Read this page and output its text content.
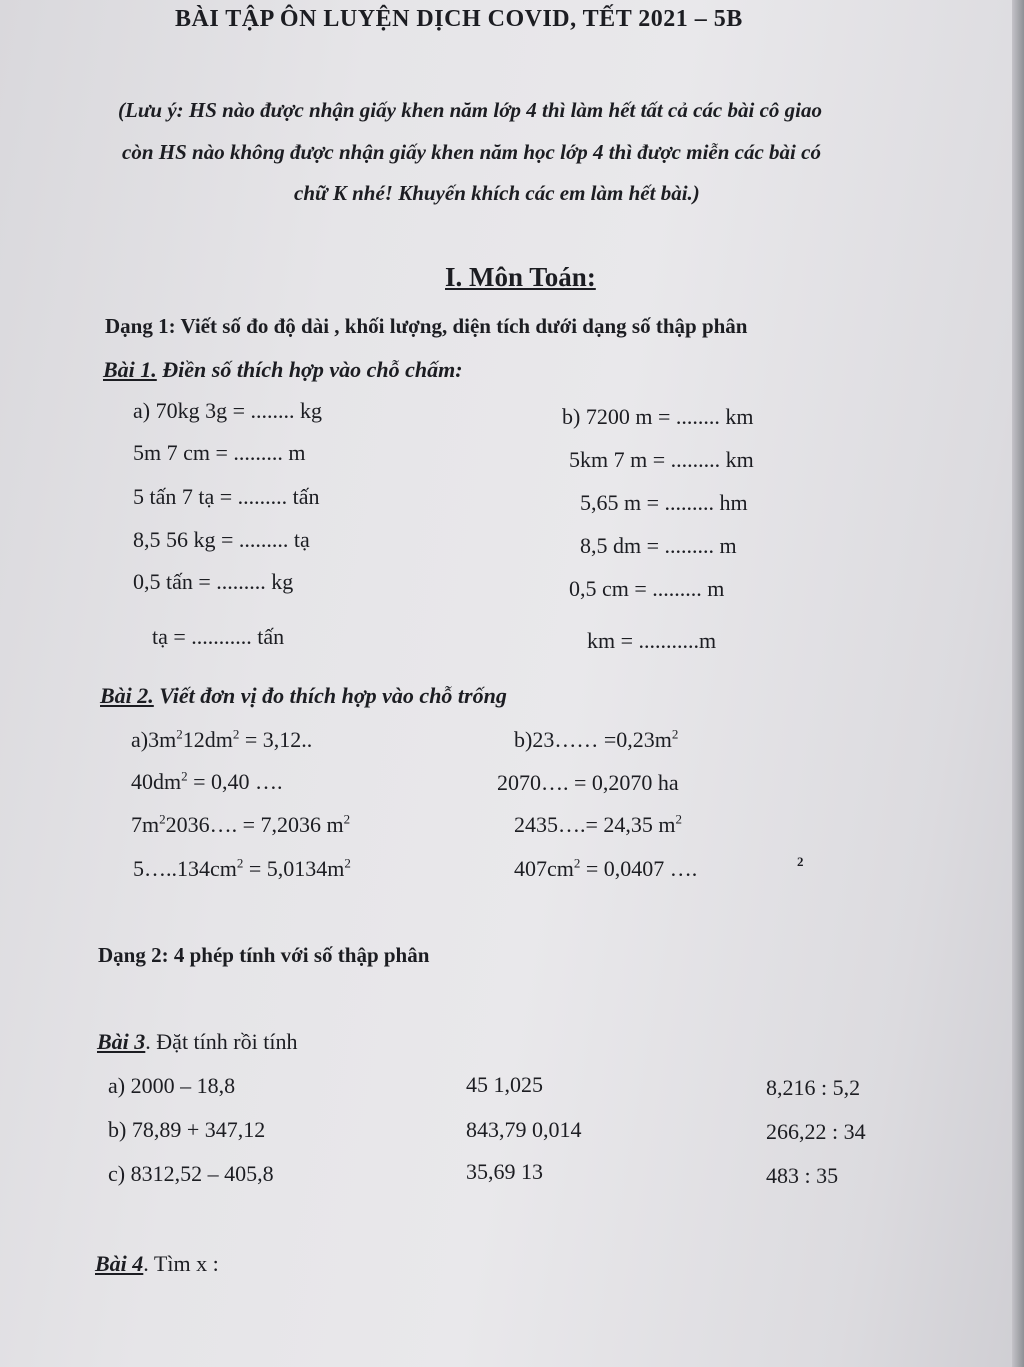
BÀI TẬP ÔN LUYỆN DỊCH COVID, TẾT 2021 – 5B
(Lưu ý: HS nào được nhận giấy khen năm lớp 4 thì làm hết tất cả các bài cô giao
còn HS nào không được nhận giấy khen năm học lớp 4 thì được miễn các bài có
chữ K nhé! Khuyến khích các em làm hết bài.)
I. Môn Toán:
Dạng 1: Viết số đo độ dài , khối lượng, diện tích dưới dạng số thập phân
Bài 1. Điền số thích hợp vào chỗ chấm:
a) 70kg 3g = ........ kg
5m 7 cm = ......... m
5 tấn 7 tạ = ......... tấn
8,5 56 kg = ......... tạ
0,5 tấn = ......... kg
tạ = ........... tấn
b) 7200 m = ........ km
5km 7 m = ......... km
5,65 m = ......... hm
8,5 dm = ......... m
0,5 cm = ......... m
km = ...........m
Bài 2. Viết đơn vị đo thích hợp vào chỗ trống
$a)3m^212dm^2 = 3,12$..
$40dm^2 = 0,40$ ….
$7m^22036\dots$. = 7,2036 $m^2$
$5\dots..134cm^2 = 5,0134m^2$
b)23…… $=0,23m^2$
2070…. = 0,2070 ha
2435….= 24,35 $m^2$
$407cm^2 = 0,0407$ ….	2
Dạng 2: 4 phép tính với số thập phân
Bài 3. Đặt tính rồi tính
a) 2000 – 18,8
b) 78,89 + 347,12
c) 8312,52 – 405,8
45 1,025
843,79 0,014
35,69 13
8,216 : 5,2
266,22 : 34
483 : 35
Bài 4. Tìm x :
